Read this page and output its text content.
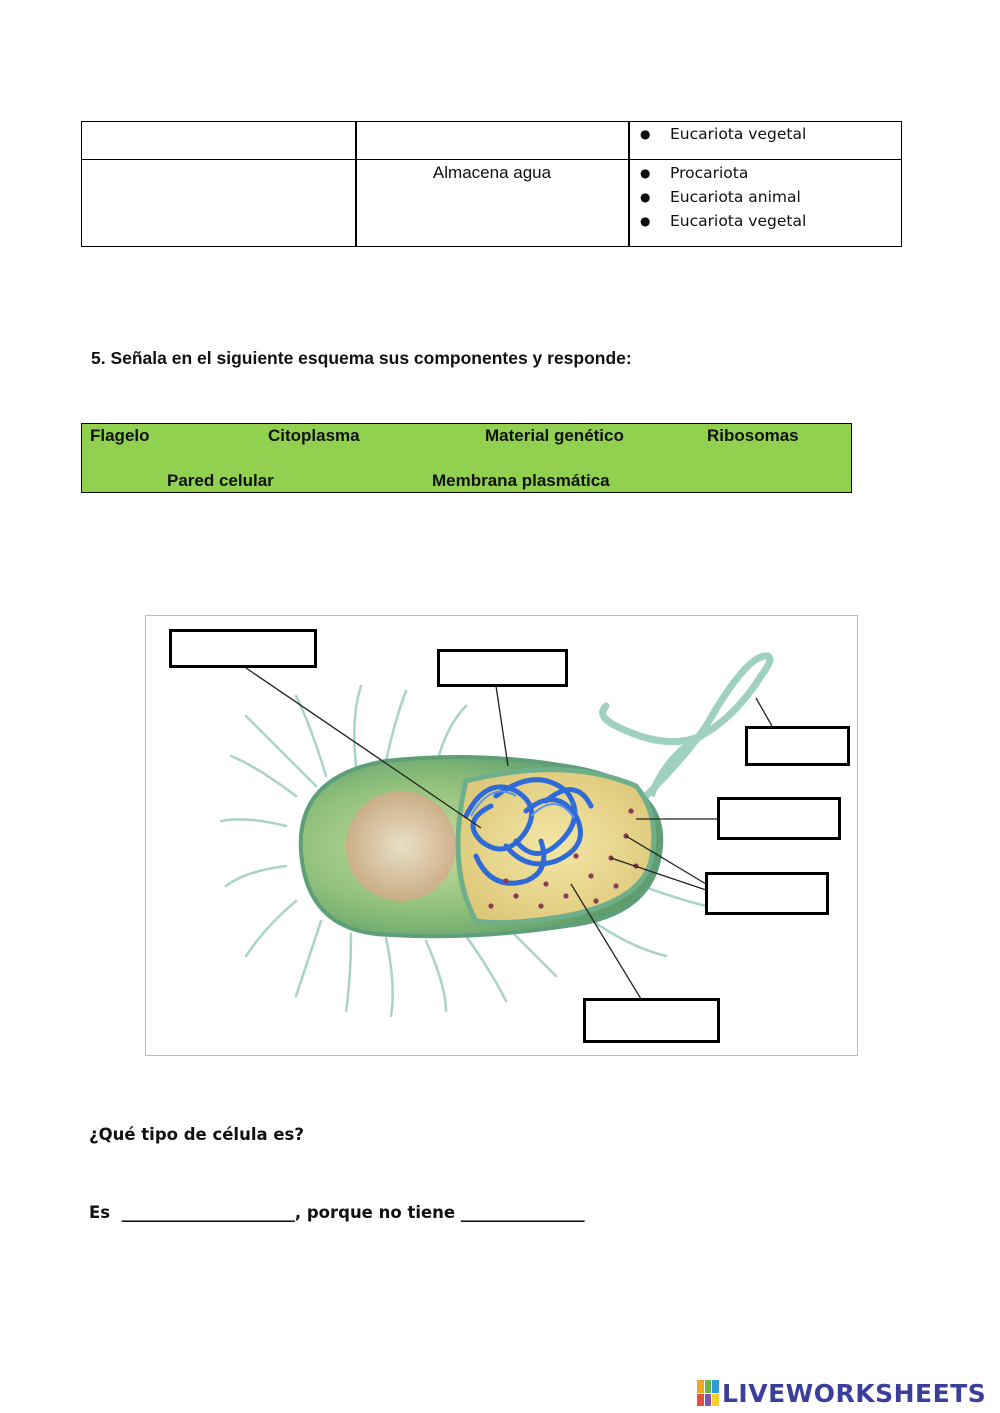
● Eucariota vegetal
Almacena agua
●	Procariota
● Eucariota animal
● Eucariota vegetal
5. Señala en el siguiente esquema sus componentes y responde:
Flagelo	Citoplasma	Material genético	Ribosomas
Pared celular	Membrana plasmática
¿Qué tipo de célula es?
Es  _____________________, porque no tiene _______________
LIVEWORKSHEETS
